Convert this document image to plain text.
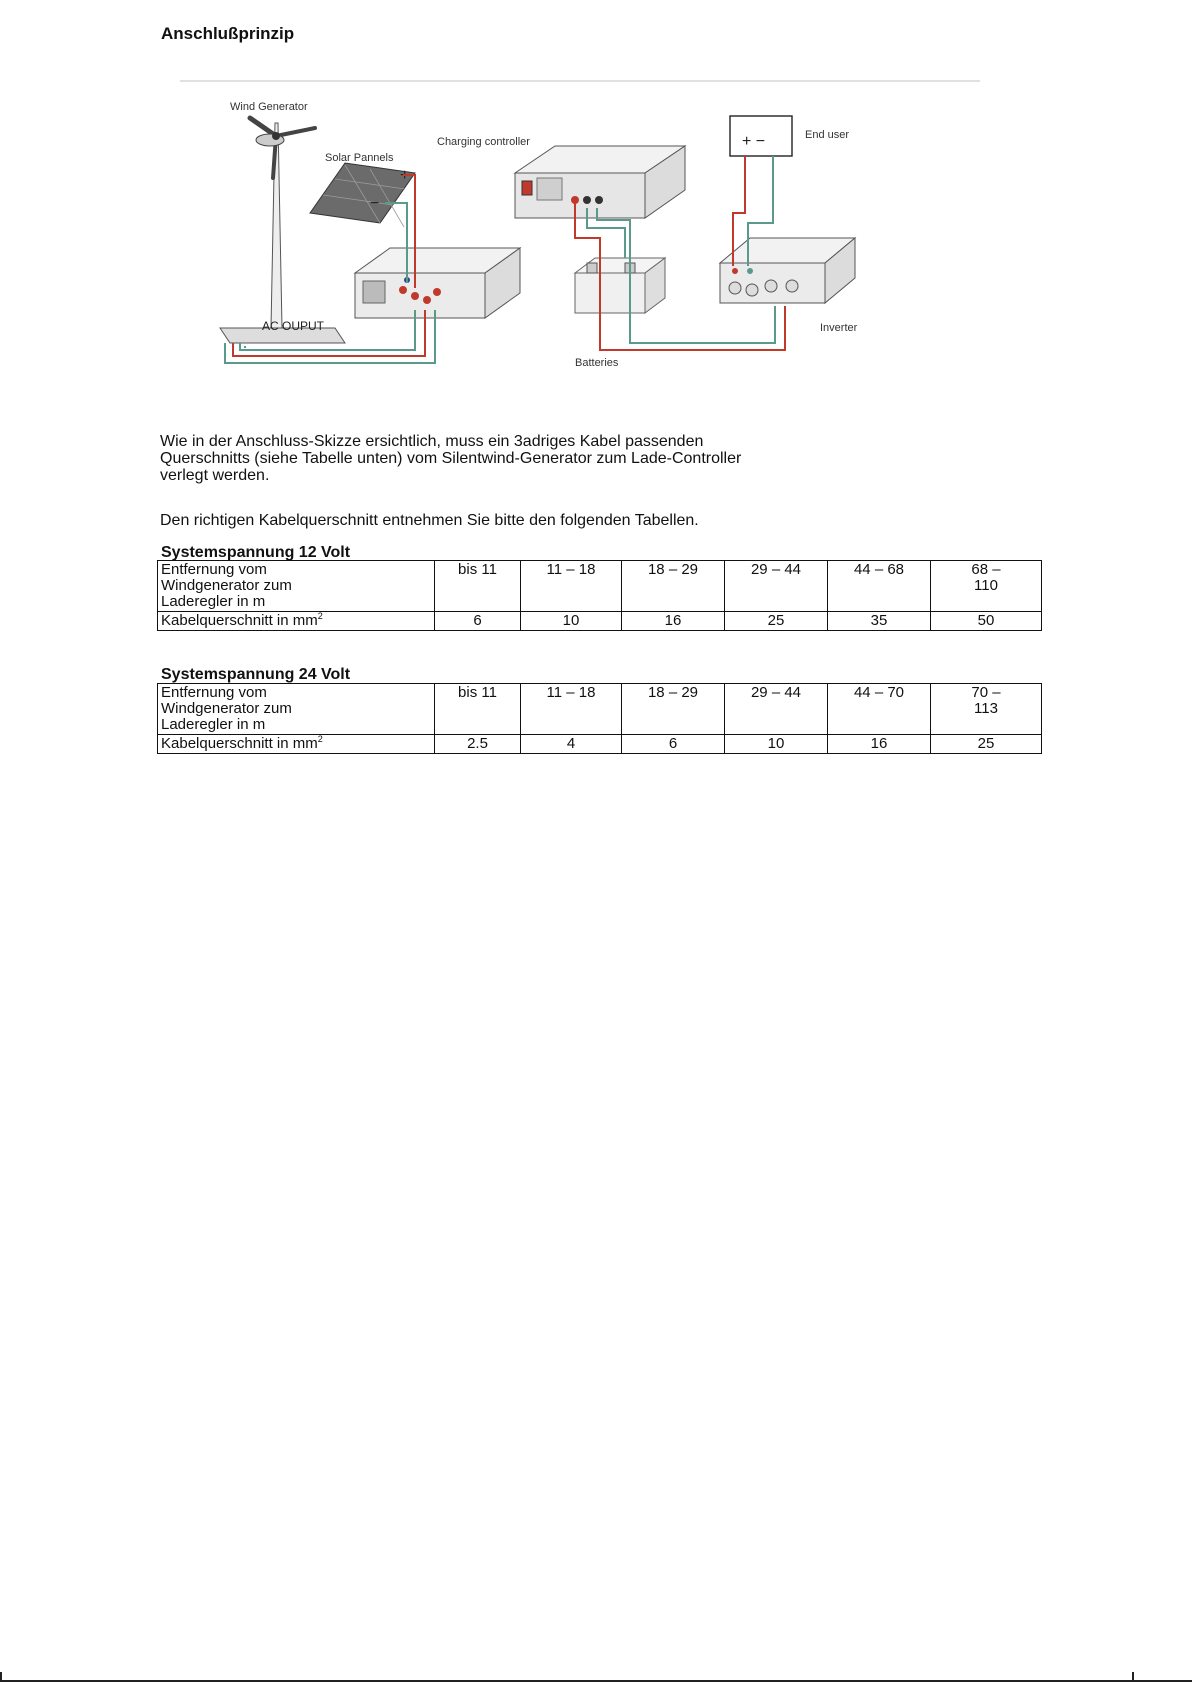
Anschlußprinzip
Wind Generator
Solar Pannels
+
−
Charging controller	+ −	End user
Batteries
Inverter
AC OUPUT

Wie in der Anschluss-Skizze ersichtlich, muss ein 3adriges Kabel passenden
Querschnitts (siehe Tabelle unten) vom Silentwind-Generator zum Lade-Controller
verlegt werden.

Den richtigen Kabelquerschnitt entnehmen Sie bitte den folgenden Tabellen.

Systemspannung 12 Volt
Entfernung vom
Windgenerator zum
Laderegler in m	bis 11	11 – 18	18 – 29	29 – 44	44 – 68	68 –
110
Kabelquerschnitt in $mm^2$	6	10	16	25	35	50
Systemspannung 24 Volt
Entfernung vom
Windgenerator zum
Laderegler in m	bis 11	11 – 18	18 – 29	29 – 44	44 – 70	70 –
113
Kabelquerschnitt in $mm^2$	2.5	4	6	10	16	25
